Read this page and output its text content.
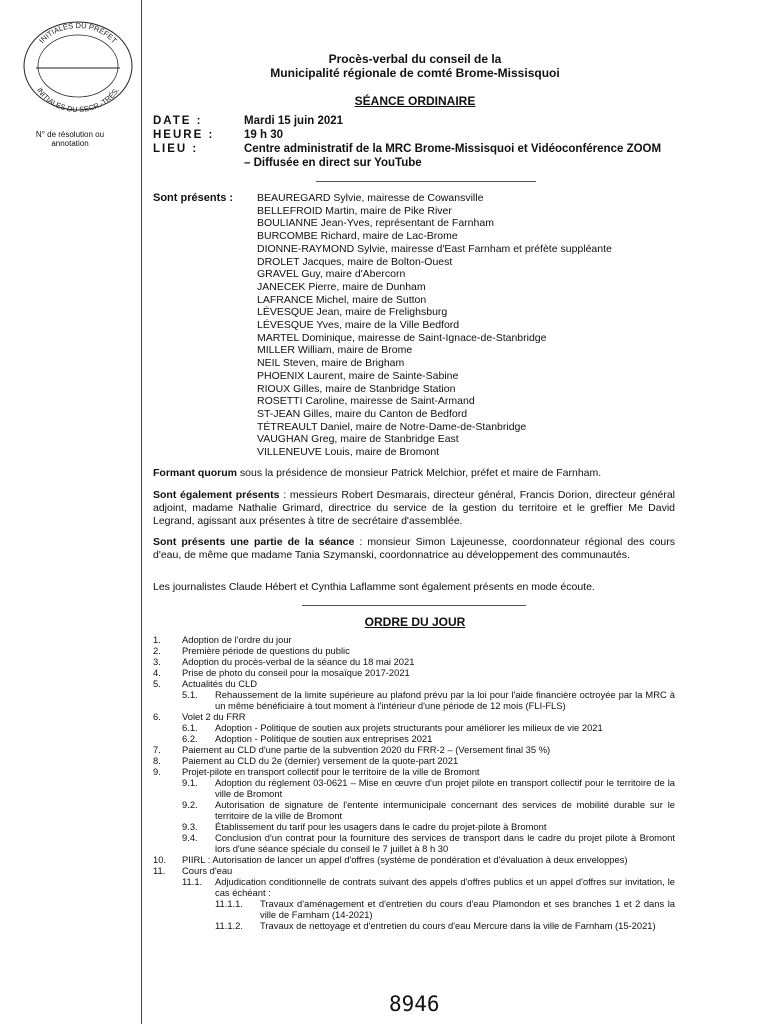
INITIALES DU PRÉFET
INITIALES DU SECR.-TRÉS.
N° de résolution ou annotation
Procès-verbal du conseil de la
Municipalité régionale de comté Brome-Missisquoi
SÉANCE ORDINAIRE
DATE :	Mardi 15 juin 2021
HEURE :	19 h 30
LIEU :	Centre administratif de la MRC Brome-Missisquoi et Vidéoconférence ZOOM – Diffusée en direct sur YouTube
Sont présents : BEAUREGARD Sylvie, mairesse de Cowansville
BELLEFROID Martin, maire de Pike River
BOULIANNE Jean-Yves, représentant de Farnham
BURCOMBE Richard, maire de Lac-Brome
DIONNE-RAYMOND Sylvie, mairesse d'East Farnham et préfète suppléante
DROLET Jacques, maire de Bolton-Ouest
GRAVEL Guy, maire d'Abercorn
JANECEK Pierre, maire de Dunham
LAFRANCE Michel, maire de Sutton
LÉVESQUE Jean, maire de Frelighsburg
LÉVESQUE Yves, maire de la Ville Bedford
MARTEL Dominique, mairesse de Saint-Ignace-de-Stanbridge
MILLER William, maire de Brome
NEIL Steven, maire de Brigham
PHOENIX Laurent, maire de Sainte-Sabine
RIOUX Gilles, maire de Stanbridge Station
ROSETTI Caroline, mairesse de Saint-Armand
ST-JEAN Gilles, maire du Canton de Bedford
TÉTREAULT Daniel, maire de Notre-Dame-de-Stanbridge
VAUGHAN Greg, maire de Stanbridge East
VILLENEUVE Louis, maire de Bromont

Formant quorum sous la présidence de monsieur Patrick Melchior, préfet et maire de Farnham.

Sont également présents : messieurs Robert Desmarais, directeur général, Francis Dorion, directeur général adjoint, madame Nathalie Grimard, directrice du service de la gestion du territoire et le greffier Me David Legrand, agissant aux présentes à titre de secrétaire d'assemblée.

Sont présents une partie de la séance : monsieur Simon Lajeunesse, coordonnateur régional des cours d'eau, de même que madame Tania Szymanski, coordonnatrice au développement des communautés.

Les journalistes Claude Hébert et Cynthia Laflamme sont également présents en mode écoute.

ORDRE DU JOUR
1.	Adoption de l'ordre du jour
2.	Première période de questions du public
3.	Adoption du procès-verbal de la séance du 18 mai 2021
4.	Prise de photo du conseil pour la mosaïque 2017-2021
5.	Actualités du CLD
5.1.	Rehaussement de la limite supérieure au plafond prévu par la loi pour l'aide financière octroyée par la MRC à un même bénéficiaire à tout moment à l'intérieur d'une période de 12 mois (FLI-FLS)
6.	Volet 2 du FRR
6.1.	Adoption - Politique de soutien aux projets structurants pour améliorer les milieux de vie 2021
6.2.	Adoption - Politique de soutien aux entreprises 2021
7.	Paiement au CLD d'une partie de la subvention 2020 du FRR-2 – (Versement final 35 %)
8.	Paiement au CLD du 2e (dernier) versement de la quote-part 2021
9.	Projet-pilote en transport collectif pour le territoire de la ville de Bromont
9.1.	Adoption du règlement 03-0621 – Mise en œuvre d'un projet pilote en transport collectif pour le territoire de la ville de Bromont
9.2.	Autorisation de signature de l'entente intermunicipale concernant des services de mobilité durable sur le territoire de la ville de Bromont
9.3.	Établissement du tarif pour les usagers dans le cadre du projet-pilote à Bromont
9.4.	Conclusion d'un contrat pour la fourniture des services de transport dans le cadre du projet pilote à Bromont lors d'une séance spéciale du conseil le 7 juillet à 8 h 30
10.	PIIRL : Autorisation de lancer un appel d'offres (système de pondération et d'évaluation à deux enveloppes)
11.	Cours d'eau
11.1.	Adjudication conditionnelle de contrats suivant des appels d'offres publics et un appel d'offres sur invitation, le cas échéant :
11.1.1.	Travaux d'aménagement et d'entretien du cours d'eau Plamondon et ses branches 1 et 2 dans la ville de Farnham (14-2021)
11.1.2.	Travaux de nettoyage et d'entretien du cours d'eau Mercure dans la ville de Farnham (15-2021)
8946
